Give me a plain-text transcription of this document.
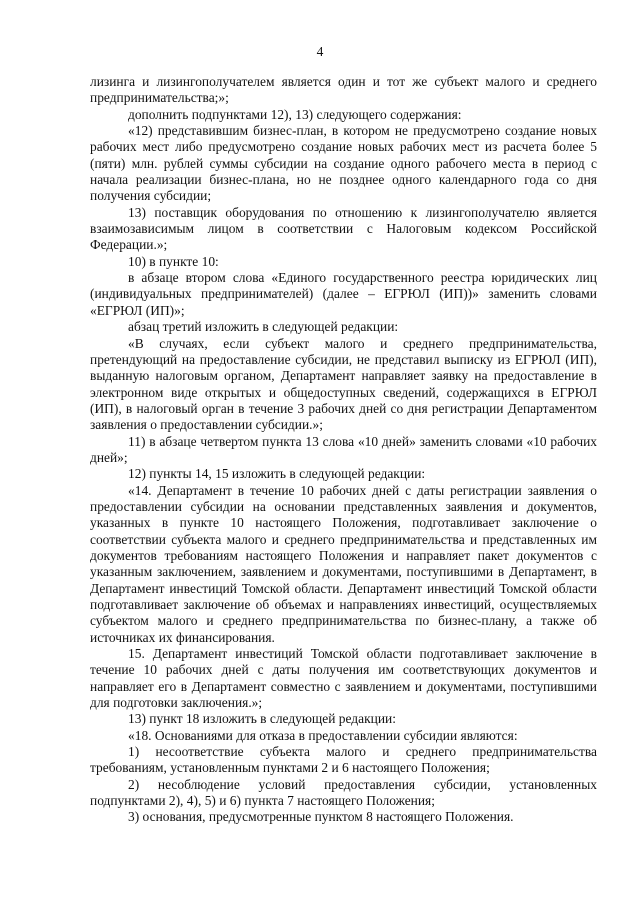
4

лизинга и лизингополучателем является один и тот же субъект малого и среднего предпринимательства;»;

дополнить подпунктами 12), 13) следующего содержания:

«12) представившим бизнес-план, в котором не предусмотрено создание новых рабочих мест либо предусмотрено создание новых рабочих мест из расчета более 5 (пяти) млн. рублей суммы субсидии на создание одного рабочего места в период с начала реализации бизнес-плана, но не позднее одного календарного года со дня получения субсидии;

13) поставщик оборудования по отношению к лизингополучателю является взаимозависимым лицом в соответствии с Налоговым кодексом Российской Федерации.»;

10) в пункте 10:

в абзаце втором слова «Единого государственного реестра юридических лиц (индивидуальных предпринимателей) (далее – ЕГРЮЛ (ИП))» заменить словами «ЕГРЮЛ (ИП)»;

абзац третий изложить в следующей редакции:

«В случаях, если субъект малого и среднего предпринимательства, претендующий на предоставление субсидии, не представил выписку из ЕГРЮЛ (ИП), выданную налоговым органом, Департамент направляет заявку на предоставление в электронном виде открытых и общедоступных сведений, содержащихся в ЕГРЮЛ (ИП), в налоговый орган в течение 3 рабочих дней со дня регистрации Департаментом заявления о предоставлении субсидии.»;

11) в абзаце четвертом пункта 13 слова «10 дней» заменить словами «10 рабочих дней»;

12) пункты 14, 15 изложить в следующей редакции:

«14. Департамент в течение 10 рабочих дней с даты регистрации заявления о предоставлении субсидии на основании представленных заявления и документов, указанных в пункте 10 настоящего Положения, подготавливает заключение о соответствии субъекта малого и среднего предпринимательства и представленных им документов требованиям настоящего Положения и направляет пакет документов с указанным заключением, заявлением и документами, поступившими в Департамент, в Департамент инвестиций Томской области. Департамент инвестиций Томской области подготавливает заключение об объемах и направлениях инвестиций, осуществляемых субъектом малого и среднего предпринимательства по бизнес-плану, а также об источниках их финансирования.

15. Департамент инвестиций Томской области подготавливает заключение в течение 10 рабочих дней с даты получения им соответствующих документов и направляет его в Департамент совместно с заявлением и документами, поступившими для подготовки заключения.»;

13) пункт 18 изложить в следующей редакции:

«18. Основаниями для отказа в предоставлении субсидии являются:

1) несоответствие субъекта малого и среднего предпринимательства требованиям, установленным пунктами 2 и 6 настоящего Положения;

2) несоблюдение условий предоставления субсидии, установленных подпунктами 2), 4), 5) и 6) пункта 7 настоящего Положения;

3) основания, предусмотренные пунктом 8 настоящего Положения.
